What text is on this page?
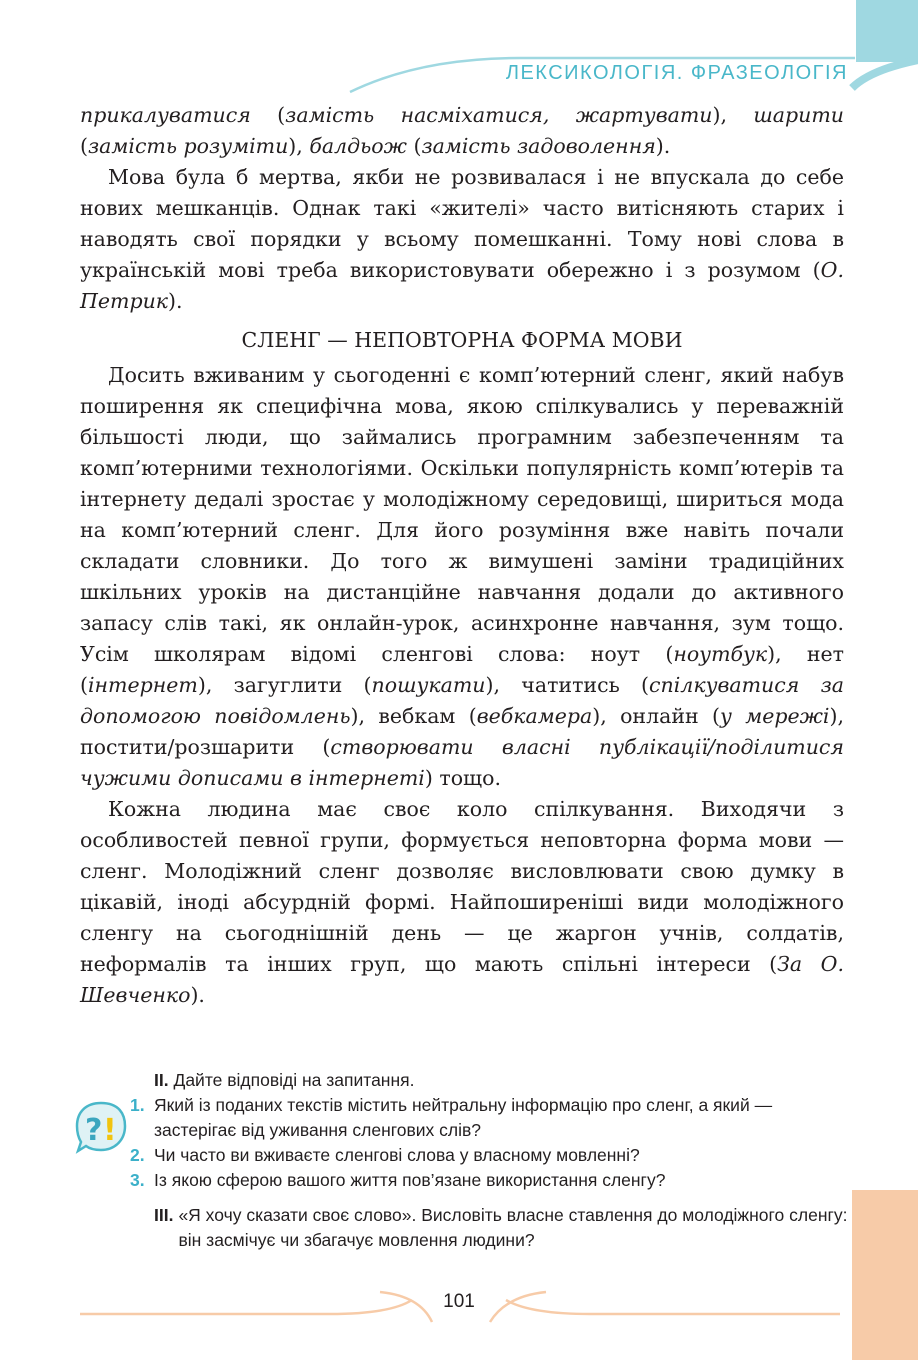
ЛЕКСИКОЛОГІЯ. ФРАЗЕОЛОГІЯ

прикалуватися (замість насміхатися, жартувати), шарити (замість розуміти), балдьож (замість задоволення).

Мова була б мертва, якби не розвивалася і не впускала до себе нових мешканців. Однак такі «жителі» часто витісняють старих і наводять свої порядки у всьому помешканні. Тому нові слова в українській мові треба використовувати обережно і з розумом (О. Петрик).

СЛЕНГ — НЕПОВТОРНА ФОРМА МОВИ

Досить вживаним у сьогоденні є комп’ютерний сленг, який набув поширення як специфічна мова, якою спілкувались у переважній більшості люди, що займались програмним забезпеченням та комп’ютерними технологіями. Оскільки популярність комп’ютерів та інтернету дедалі зростає у молодіжному середовищі, шириться мода на комп’ютерний сленг. Для його розуміння вже навіть почали складати словники. До того ж вимушені заміни традиційних шкільних уроків на дистанційне навчання додали до активного запасу слів такі, як онлайн-урок, асинхронне навчання, зум тощо. Усім школярам відомі сленгові слова: ноут (ноутбук), нет (інтернет), загуглити (пошукати), чатитись (спілкуватися за допомогою повідомлень), вебкам (вебкамера), онлайн (у мережі), постити/розшарити (створювати власні публікації/поділитися чужими дописами в інтернеті) тощо.

Кожна людина має своє коло спілкування. Виходячи з особливостей певної групи, формується неповторна форма мови — сленг. Молодіжний сленг дозволяє висловлювати свою думку в цікавій, іноді абсурдній формі. Найпоширеніші види молодіжного сленгу на сьогоднішній день — це жаргон учнів, солдатів, неформалів та інших груп, що мають спільні інтереси (За О. Шевченко).

? !
II. Дайте відповіді на запитання.
1. Який із поданих текстів містить нейтральну інформацію про сленг, а який — застерігає від уживання сленгових слів?
2. Чи часто ви вживаєте сленгові слова у власному мовленні?
3. Із якою сферою вашого життя пов’язане використання сленгу?
III. «Я хочу сказати своє слово». Висловіть власне ставлення до молодіжного сленгу: він засмічує чи збагачує мовлення людини?
101
